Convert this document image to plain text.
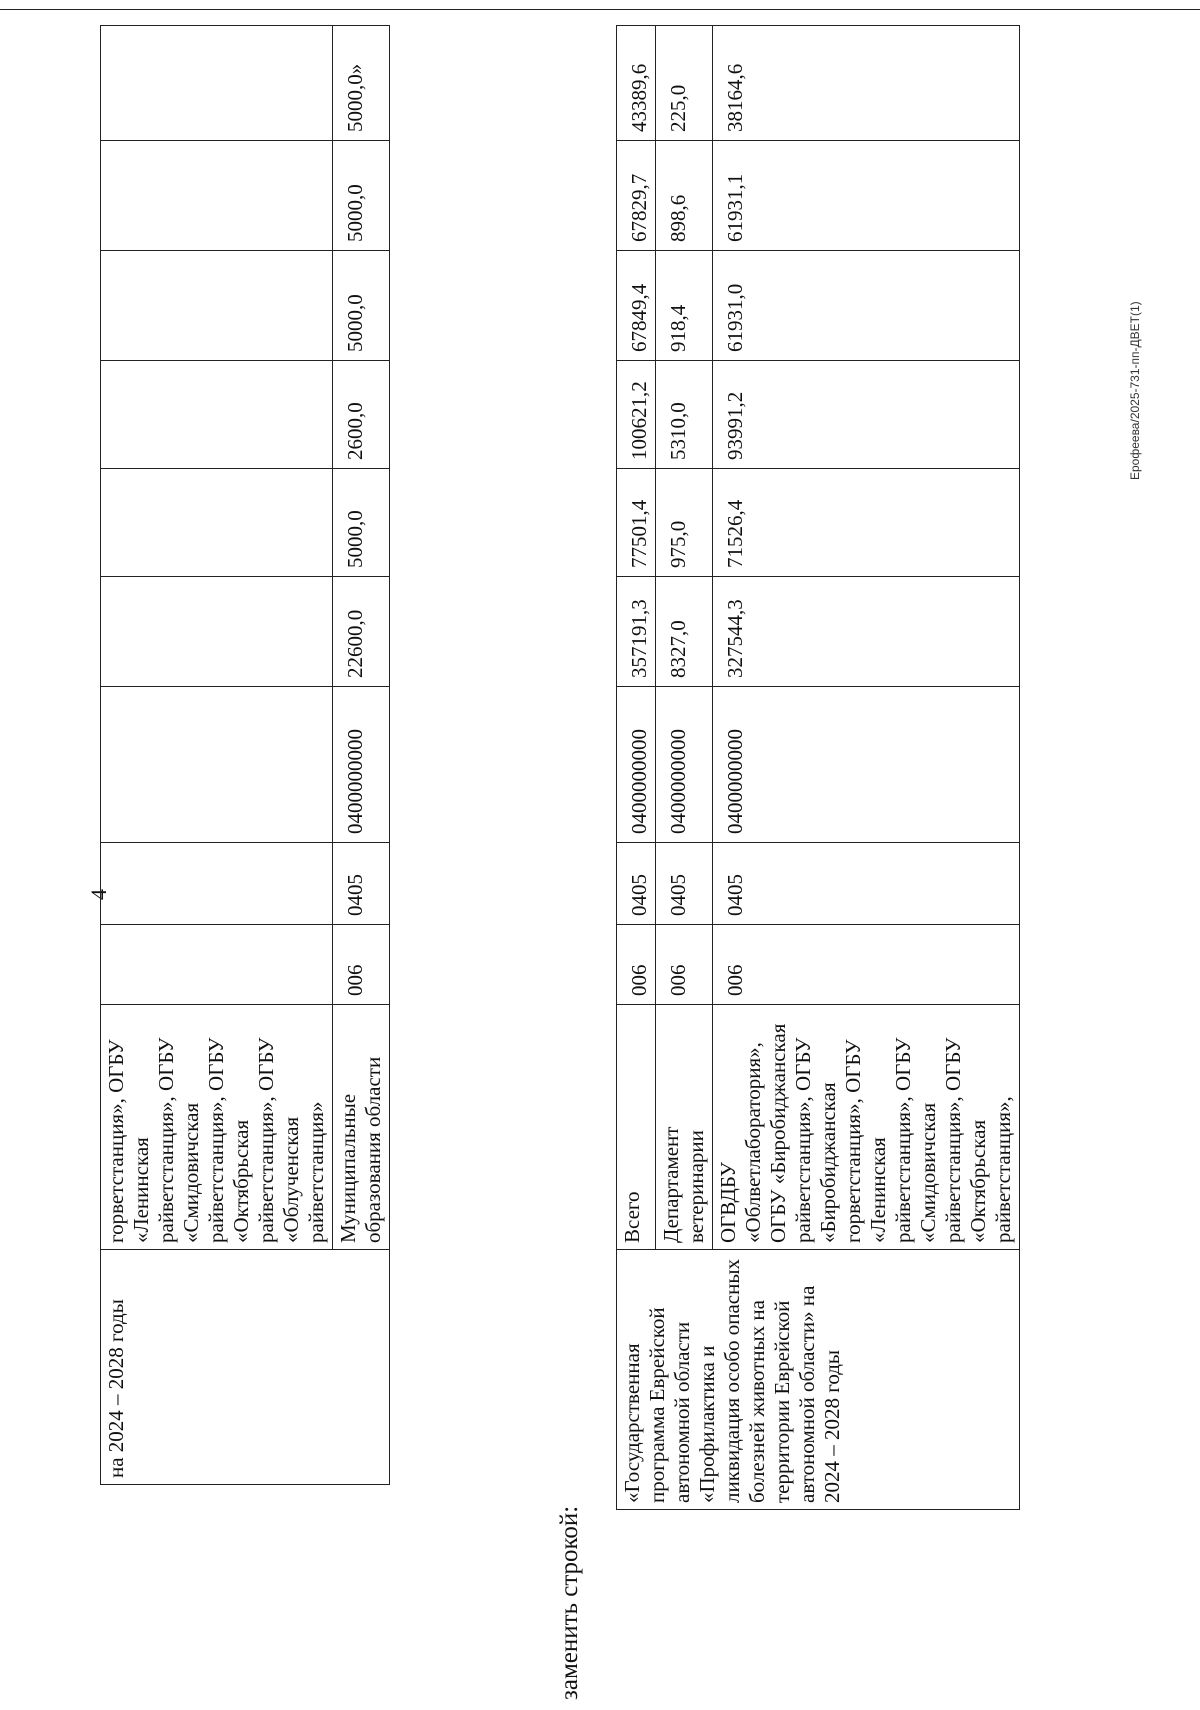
4
на 2024 – 2028 годы	горветстанция», ОГБУ «Ленинская райветстанция», ОГБУ «Смидовичская райветстанция», ОГБУ «Октябрьская райветстанция», ОГБУ «Облученская райветстанция»									
	Муниципальные образования области	006	0405	0400000000	22600,0	5000,0	2600,0	5000,0	5000,0	5000,0»
заменить строкой:
«Государственная программа Еврейской автономной области «Профилактика и ликвидация особо опасных болезней животных на территории Еврейской автономной области» на 2024 – 2028 годы	Всего	006	0405	0400000000	357191,3	77501,4	100621,2	67849,4	67829,7	43389,6
	Департамент ветеринарии	006	0405	0400000000	8327,0	975,0	5310,0	918,4	898,6	225,0
	ОГВДБУ «Облветлаборатория», ОГБУ «Биробиджанская райветстанция», ОГБУ «Биробиджанская горветстанция», ОГБУ «Ленинская райветстанция», ОГБУ «Смидовичская райветстанция», ОГБУ «Октябрьская райветстанция»,	006	0405	0400000000	327544,3	71526,4	93991,2	61931,0	61931,1	38164,6
Ерофеева/2025-731-пп-ДВЕТ(1)
